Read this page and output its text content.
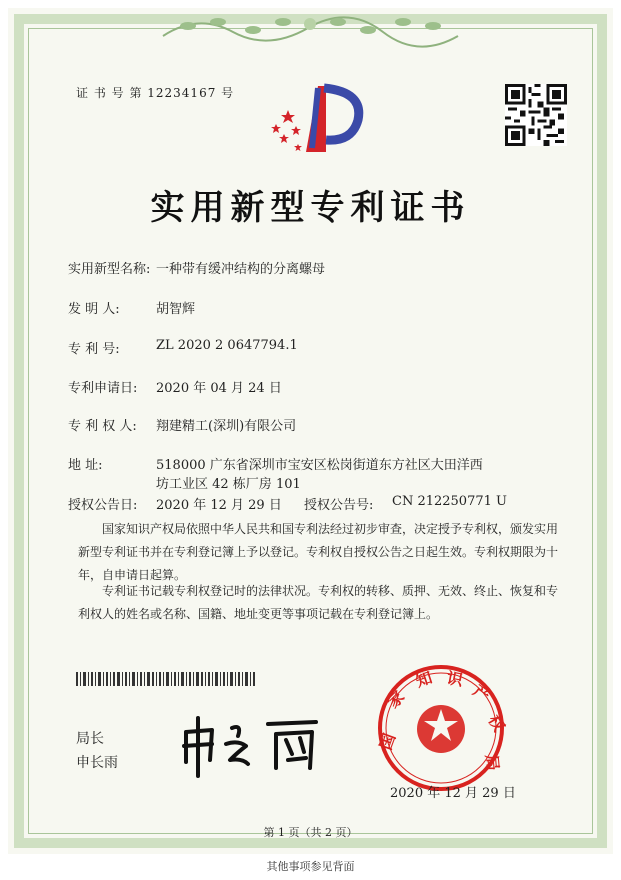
证 书 号 第 12234167 号
实用新型专利证书
实用新型名称: 一种带有缓冲结构的分离螺母
发 明 人:	胡智辉
专 利 号:	ZL 2020 2 0647794.1
专利申请日: 2020 年 04 月 24 日
专 利 权 人: 翔建精工(深圳)有限公司
地 址:	518000 广东省深圳市宝安区松岗街道东方社区大田洋西
坊工业区 42 栋厂房 101
授权公告日: 2020 年 12 月 29 日 授权公告号: CN 212250771 U
国家知识产权局依照中华人民共和国专利法经过初步审查，决定授予专利权，颁发实用新型专利证书并在专利登记簿上予以登记。专利权自授权公告之日起生效。专利权期限为十年，自申请日起算。
专利证书记载专利权登记时的法律状况。专利权的转移、质押、无效、终止、恢复和专利权人的姓名或名称、国籍、地址变更等事项记载在专利登记簿上。
局长
申长雨
国
家
知 识
产
权
局
2020 年 12 月 29 日
第 1 页（共 2 页）
其他事项参见背面
